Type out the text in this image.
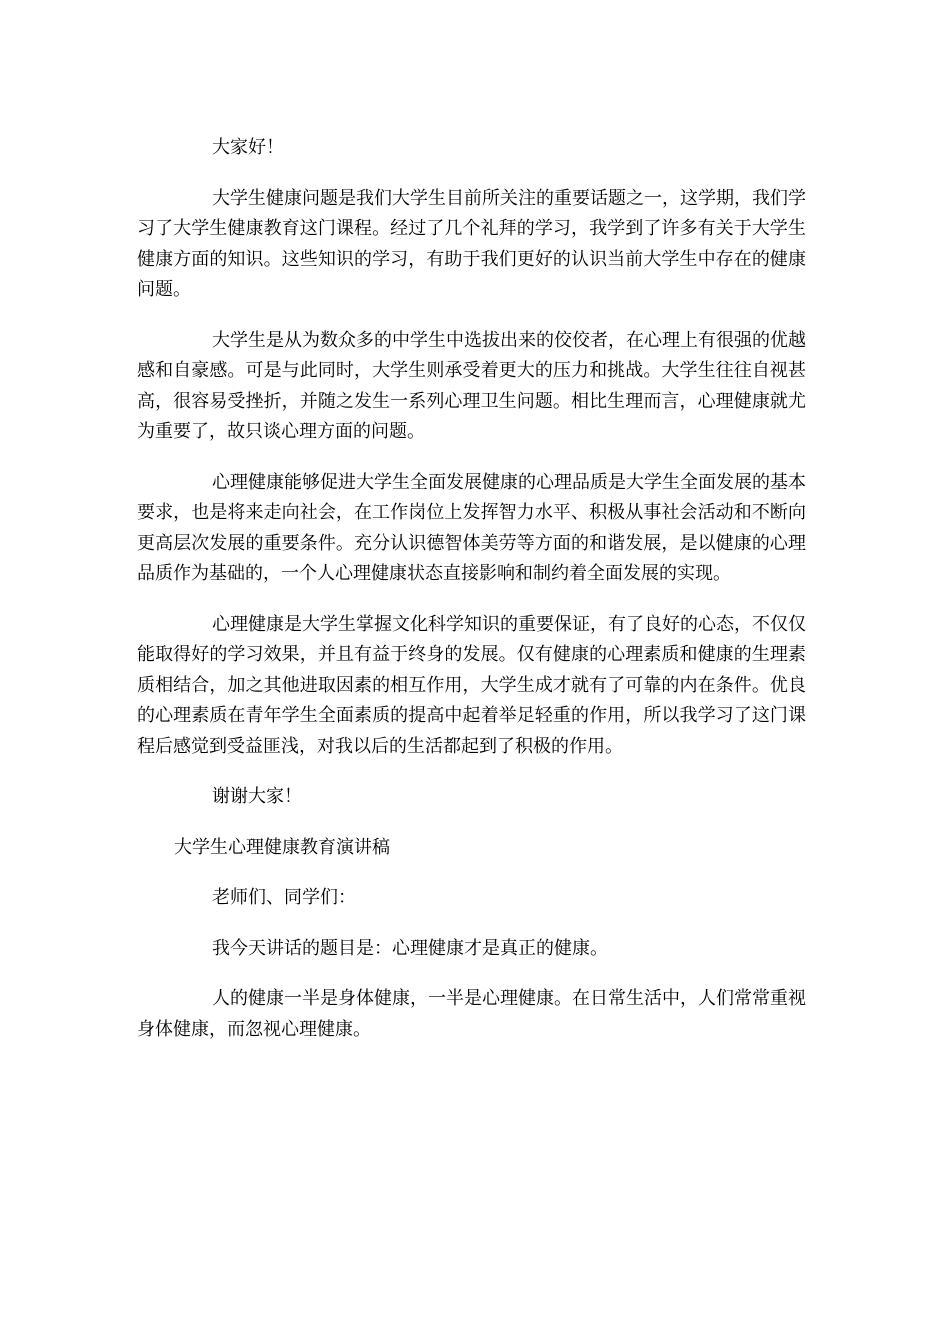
大家好！

大学生健康问题是我们大学生目前所关注的重要话题之一，这学期，我们学习了大学生健康教育这门课程。经过了几个礼拜的学习，我学到了许多有关于大学生健康方面的知识。这些知识的学习，有助于我们更好的认识当前大学生中存在的健康问题。

大学生是从为数众多的中学生中选拔出来的佼佼者，在心理上有很强的优越感和自豪感。可是与此同时，大学生则承受着更大的压力和挑战。大学生往往自视甚高，很容易受挫折，并随之发生一系列心理卫生问题。相比生理而言，心理健康就尤为重要了，故只谈心理方面的问题。

心理健康能够促进大学生全面发展健康的心理品质是大学生全面发展的基本要求，也是将来走向社会，在工作岗位上发挥智力水平、积极从事社会活动和不断向更高层次发展的重要条件。充分认识德智体美劳等方面的和谐发展，是以健康的心理品质作为基础的，一个人心理健康状态直接影响和制约着全面发展的实现。

心理健康是大学生掌握文化科学知识的重要保证，有了良好的心态，不仅仅能取得好的学习效果，并且有益于终身的发展。仅有健康的心理素质和健康的生理素质相结合，加之其他进取因素的相互作用，大学生成才就有了可靠的内在条件。优良的心理素质在青年学生全面素质的提高中起着举足轻重的作用，所以我学习了这门课程后感觉到受益匪浅，对我以后的生活都起到了积极的作用。

谢谢大家！

大学生心理健康教育演讲稿

老师们、同学们：

我今天讲话的题目是：心理健康才是真正的健康。

人的健康一半是身体健康，一半是心理健康。在日常生活中，人们常常重视身体健康，而忽视心理健康。
